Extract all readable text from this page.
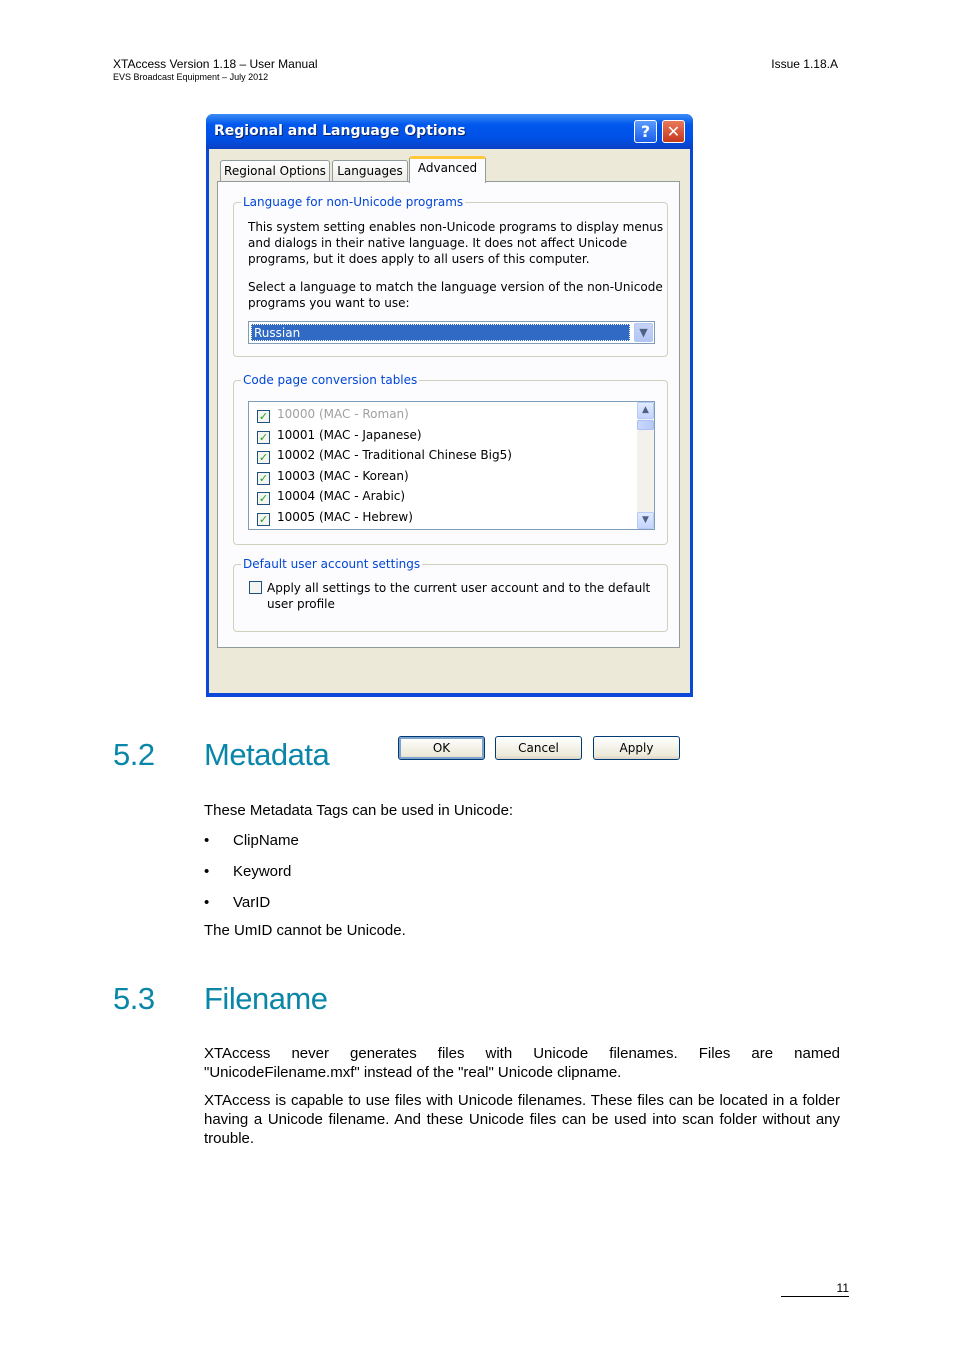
XTAccess Version 1.18 – User Manual
EVS Broadcast Equipment – July 2012
Issue 1.18.A
Regional and Language Options	?	✕
Regional Options Languages	Advanced
Language for non-Unicode programs
This system setting enables non-Unicode programs to display menus
and dialogs in their native language. It does not affect Unicode
programs, but it does apply to all users of this computer.
Select a language to match the language version of the non-Unicode
programs you want to use:
Russian	▼
Code page conversion tables
✓ 10000 (MAC - Roman)
✓ 10001 (MAC - Japanese)
✓ 10002 (MAC - Traditional Chinese Big5)
✓ 10003 (MAC - Korean)
✓ 10004 (MAC - Arabic)
✓ 10005 (MAC - Hebrew)
▲
▼
Default user account settings
Apply all settings to the current user account and to the default
user profile
OK	Cancel	Apply
5.2 Metadata
These Metadata Tags can be used in Unicode:
• ClipName
• Keyword
• VarID
The UmID cannot be Unicode.
5.3 Filename
XTAccess never generates files with Unicode filenames. Files are named "UnicodeFilename.mxf" instead of the "real" Unicode clipname.
XTAccess is capable to use files with Unicode filenames. These files can be located in a folder having a Unicode filename. And these Unicode files can be used into scan folder without any trouble.
11
